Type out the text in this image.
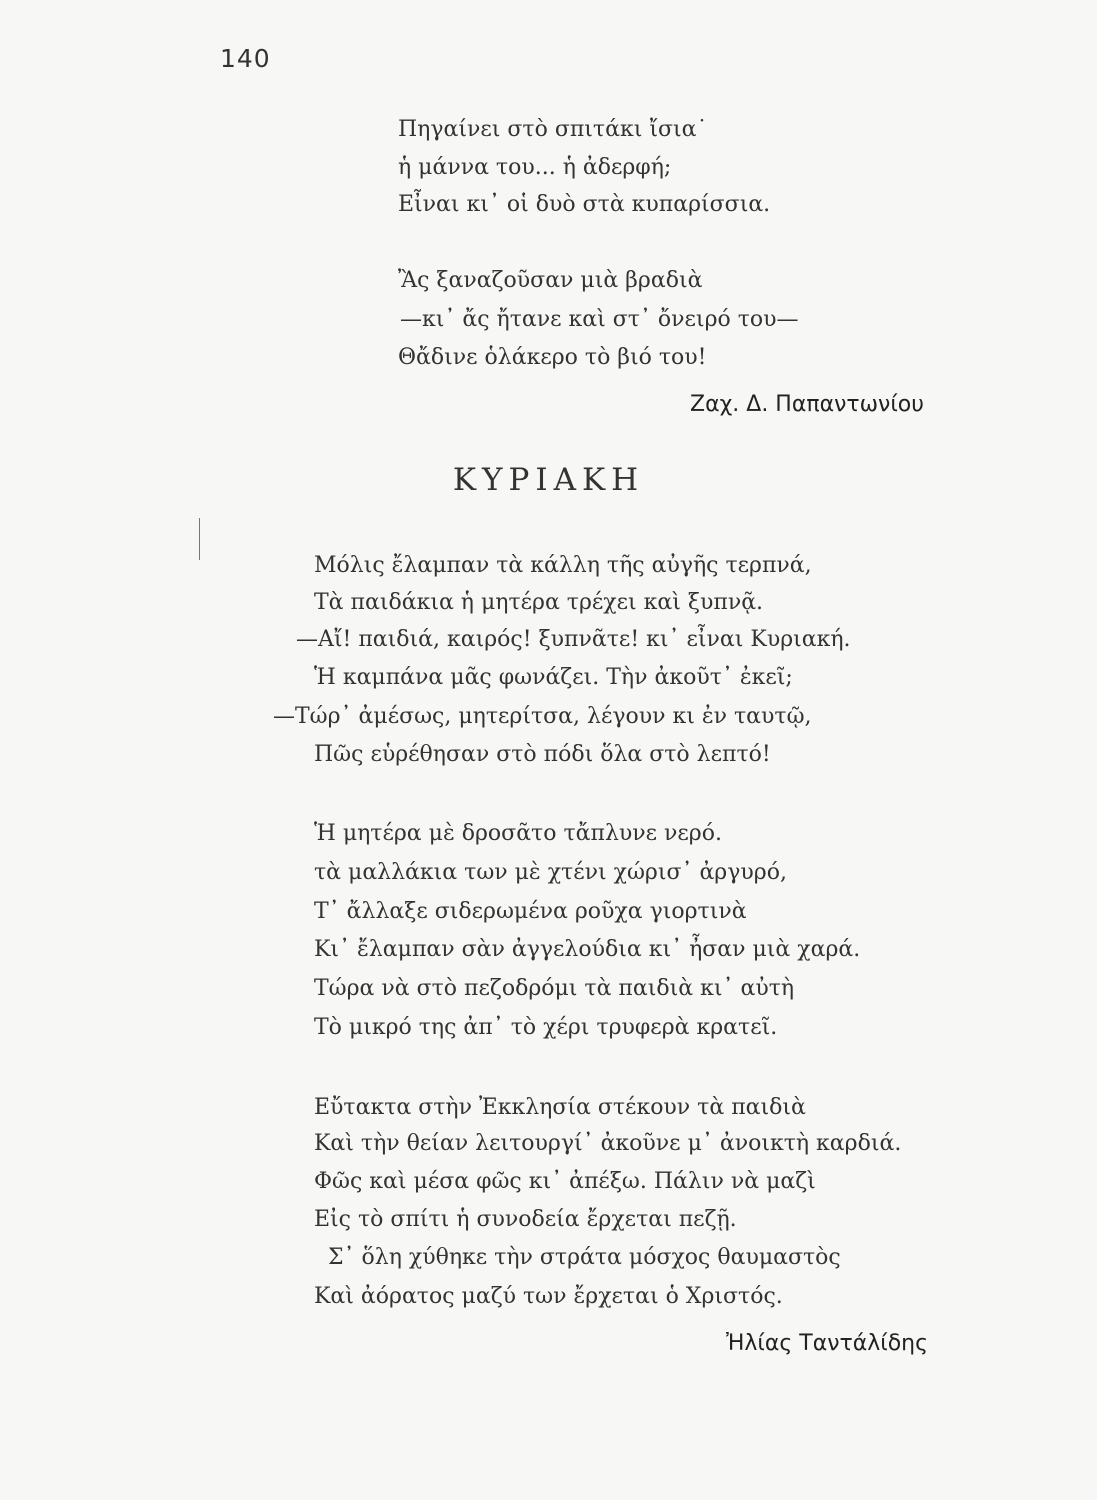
140
Πηγαίνει στὸ σπιτάκι ἴσια˙
ἡ μάννα του... ἡ ἀδερφή;
Εἶναι κι᾽ οἱ δυὸ στὰ κυπαρίσσια.
Ἂς ξαναζοῦσαν μιὰ βραδιὰ
—κι᾽ ἄς ἤτανε καὶ στ᾽ ὄνειρό του—
Θἄδινε ὁλάκερο τὸ βιό του!
Ζαχ. Δ. Παπαντωνίου
ΚΥΡΙΑΚΗ
Μόλις ἔλαμπαν τὰ κάλλη τῆς αὐγῆς τερπνά,
Τὰ παιδάκια ἡ μητέρα τρέχει καὶ ξυπνᾷ.
—Αἴ! παιδιά, καιρός! ξυπνᾶτε! κι᾽ εἶναι Κυριακή.
Ἡ καμπάνα μᾶς φωνάζει. Τὴν ἀκοῦτ᾽ ἐκεῖ;
—Τώρ᾽ ἀμέσως, μητερίτσα, λέγουν κι ἐν ταυτῷ,
Πῶς εὑρέθησαν στὸ πόδι ὅλα στὸ λεπτό!
Ἡ μητέρα μὲ δροσᾶτο τἄπλυνε νερό.
τὰ μαλλάκια των μὲ χτένι χώρισ᾽ ἀργυρό,
Τ᾽ ἄλλαξε σιδερωμένα ροῦχα γιορτινὰ
Κι᾽ ἔλαμπαν σὰν ἀγγελούδια κι᾽ ἦσαν μιὰ χαρά.
Τώρα νὰ στὸ πεζοδρόμι τὰ παιδιὰ κι᾽ αὐτὴ
Τὸ μικρό της ἀπ᾽ τὸ χέρι τρυφερὰ κρατεῖ.
Εὔτακτα στὴν Ἐκκλησία στέκουν τὰ παιδιὰ
Καὶ τὴν θείαν λειτουργί᾽ ἀκοῦνε μ᾽ ἀνοικτὴ καρδιά.
Φῶς καὶ μέσα φῶς κι᾽ ἀπέξω. Πάλιν νὰ μαζὶ
Εἰς τὸ σπίτι ἡ συνοδεία ἔρχεται πεζῇ.
Σ᾽ ὅλη χύθηκε τὴν στράτα μόσχος θαυμαστὸς
Καὶ ἀόρατος μαζύ των ἔρχεται ὁ Χριστός.
Ἠλίας Ταντάλίδης
